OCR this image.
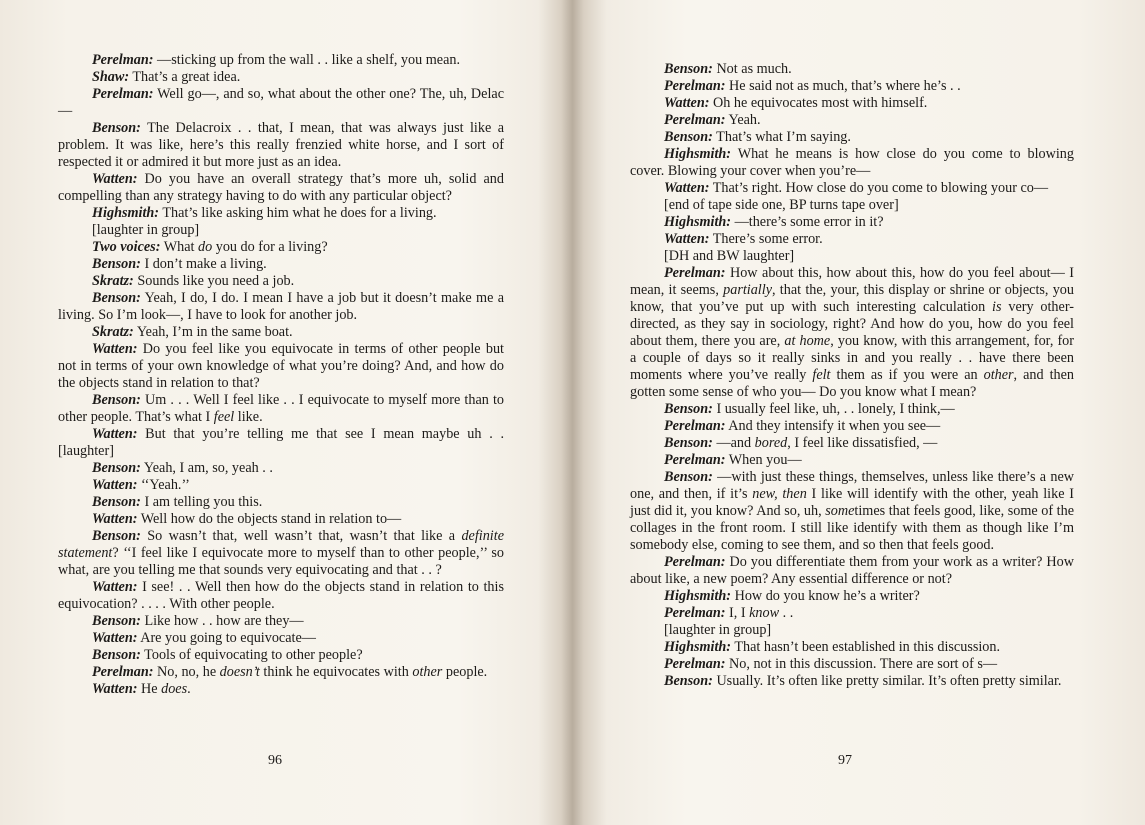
Perelman: —sticking up from the wall . . like a shelf, you mean.

Shaw: That’s a great idea.

Perelman: Well go—, and so, what about the other one? The, uh, Delac—

Benson: The Delacroix . . that, I mean, that was always just like a problem. It was like, here’s this really frenzied white horse, and I sort of respected it or admired it but more just as an idea.

Watten: Do you have an overall strategy that’s more uh, solid and compelling than any strategy having to do with any particular object?

Highsmith: That’s like asking him what he does for a living.

[laughter in group]

Two voices: What do you do for a living?

Benson: I don’t make a living.

Skratz: Sounds like you need a job.

Benson: Yeah, I do, I do. I mean I have a job but it doesn’t make me a living. So I’m look—, I have to look for another job.

Skratz: Yeah, I’m in the same boat.

Watten: Do you feel like you equivocate in terms of other people but not in terms of your own knowledge of what you’re doing? And, and how do the objects stand in relation to that?

Benson: Um . . . Well I feel like . . I equivocate to myself more than to other people. That’s what I feel like.

Watten: But that you’re telling me that see I mean maybe uh . . [laughter]

Benson: Yeah, I am, so, yeah . .

Watten: ‘‘Yeah.’’

Benson: I am telling you this.

Watten: Well how do the objects stand in relation to—

Benson: So wasn’t that, well wasn’t that, wasn’t that like a definite statement? ‘‘I feel like I equivocate more to myself than to other people,’’ so what, are you telling me that sounds very equivocating and that . . ?

Watten: I see! . . Well then how do the objects stand in relation to this equivocation? . . . . With other people.

Benson: Like how . . how are they—

Watten: Are you going to equivocate—

Benson: Tools of equivocating to other people?

Perelman: No, no, he doesn’t think he equivocates with other people.

Watten: He does.

96

Benson: Not as much.

Perelman: He said not as much, that’s where he’s . .

Watten: Oh he equivocates most with himself.

Perelman: Yeah.

Benson: That’s what I’m saying.

Highsmith: What he means is how close do you come to blowing cover. Blowing your cover when you’re—

Watten: That’s right. How close do you come to blowing your co—

[end of tape side one, BP turns tape over]

Highsmith: —there’s some error in it?

Watten: There’s some error.

[DH and BW laughter]

Perelman: How about this, how about this, how do you feel about— I mean, it seems, partially, that the, your, this display or shrine or objects, you know, that you’ve put up with such interesting calculation is very other-directed, as they say in sociology, right? And how do you, how do you feel about them, there you are, at home, you know, with this arrangement, for, for a couple of days so it really sinks in and you really . . have there been moments where you’ve really felt them as if you were an other, and then gotten some sense of who you— Do you know what I mean?

Benson: I usually feel like, uh, . . lonely, I think,—

Perelman: And they intensify it when you see—

Benson: —and bored, I feel like dissatisfied, —

Perelman: When you—

Benson: —with just these things, themselves, unless like there’s a new one, and then, if it’s new, then I like will identify with the other, yeah like I just did it, you know? And so, uh, sometimes that feels good, like, some of the collages in the front room. I still like identify with them as though like I’m somebody else, coming to see them, and so then that feels good.

Perelman: Do you differentiate them from your work as a writer? How about like, a new poem? Any essential difference or not?

Highsmith: How do you know he’s a writer?

Perelman: I, I know . .

[laughter in group]

Highsmith: That hasn’t been established in this discussion.

Perelman: No, not in this discussion. There are sort of s—

Benson: Usually. It’s often like pretty similar. It’s often pretty similar.

97
